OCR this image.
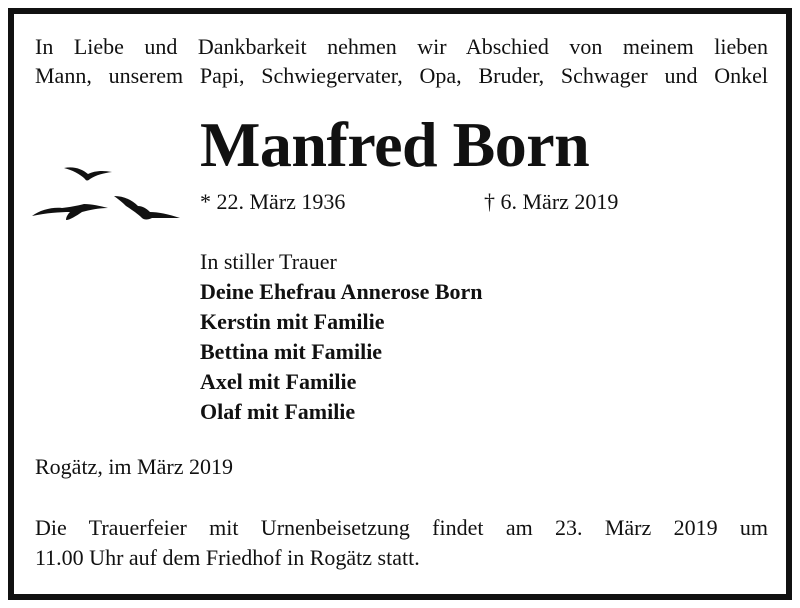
In Liebe und Dankbarkeit nehmen wir Abschied von meinem lieben
Mann, unserem Papi, Schwiegervater, Opa, Bruder, Schwager und Onkel

Manfred Born
* 22. März 1936	† 6. März 2019
In stiller Trauer
Deine Ehefrau Annerose Born
Kerstin mit Familie
Bettina mit Familie
Axel mit Familie
Olaf mit Familie
Rogätz, im März 2019

Die Trauerfeier mit Urnenbeisetzung findet am 23. März 2019 um
11.00 Uhr auf dem Friedhof in Rogätz statt.
